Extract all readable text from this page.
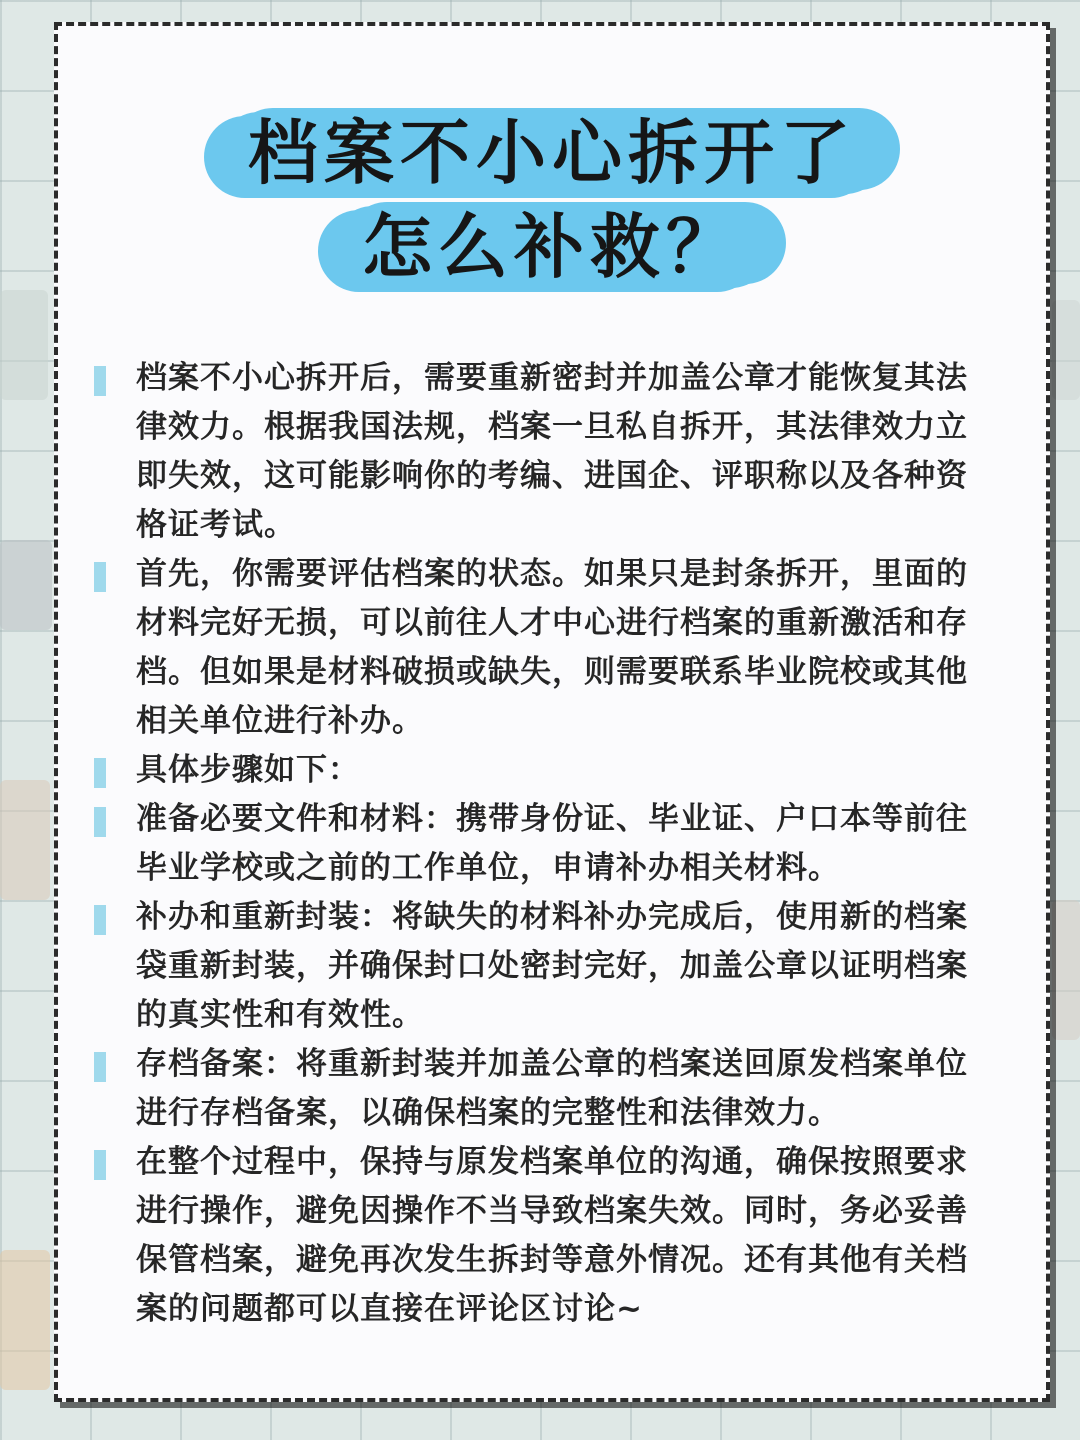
档案不小心拆开了
怎么补救？

档案不小心拆开后，需要重新密封并加盖公章才能恢复其法律效力。根据我国法规，档案一旦私自拆开，其法律效力立即失效，这可能影响你的考编、进国企、评职称以及各种资格证考试。

首先，你需要评估档案的状态。如果只是封条拆开，里面的材料完好无损，可以前往人才中心进行档案的重新激活和存档。但如果是材料破损或缺失，则需要联系毕业院校或其他相关单位进行补办。

具体步骤如下：

准备必要文件和材料：携带身份证、毕业证、户口本等前往毕业学校或之前的工作单位，申请补办相关材料。

补办和重新封装：将缺失的材料补办完成后，使用新的档案袋重新封装，并确保封口处密封完好，加盖公章以证明档案的真实性和有效性。

存档备案：将重新封装并加盖公章的档案送回原发档案单位进行存档备案，以确保档案的完整性和法律效力。

在整个过程中，保持与原发档案单位的沟通，确保按照要求进行操作，避免因操作不当导致档案失效。同时，务必妥善保管档案，避免再次发生拆封等意外情况。还有其他有关档案的问题都可以直接在评论区讨论~
